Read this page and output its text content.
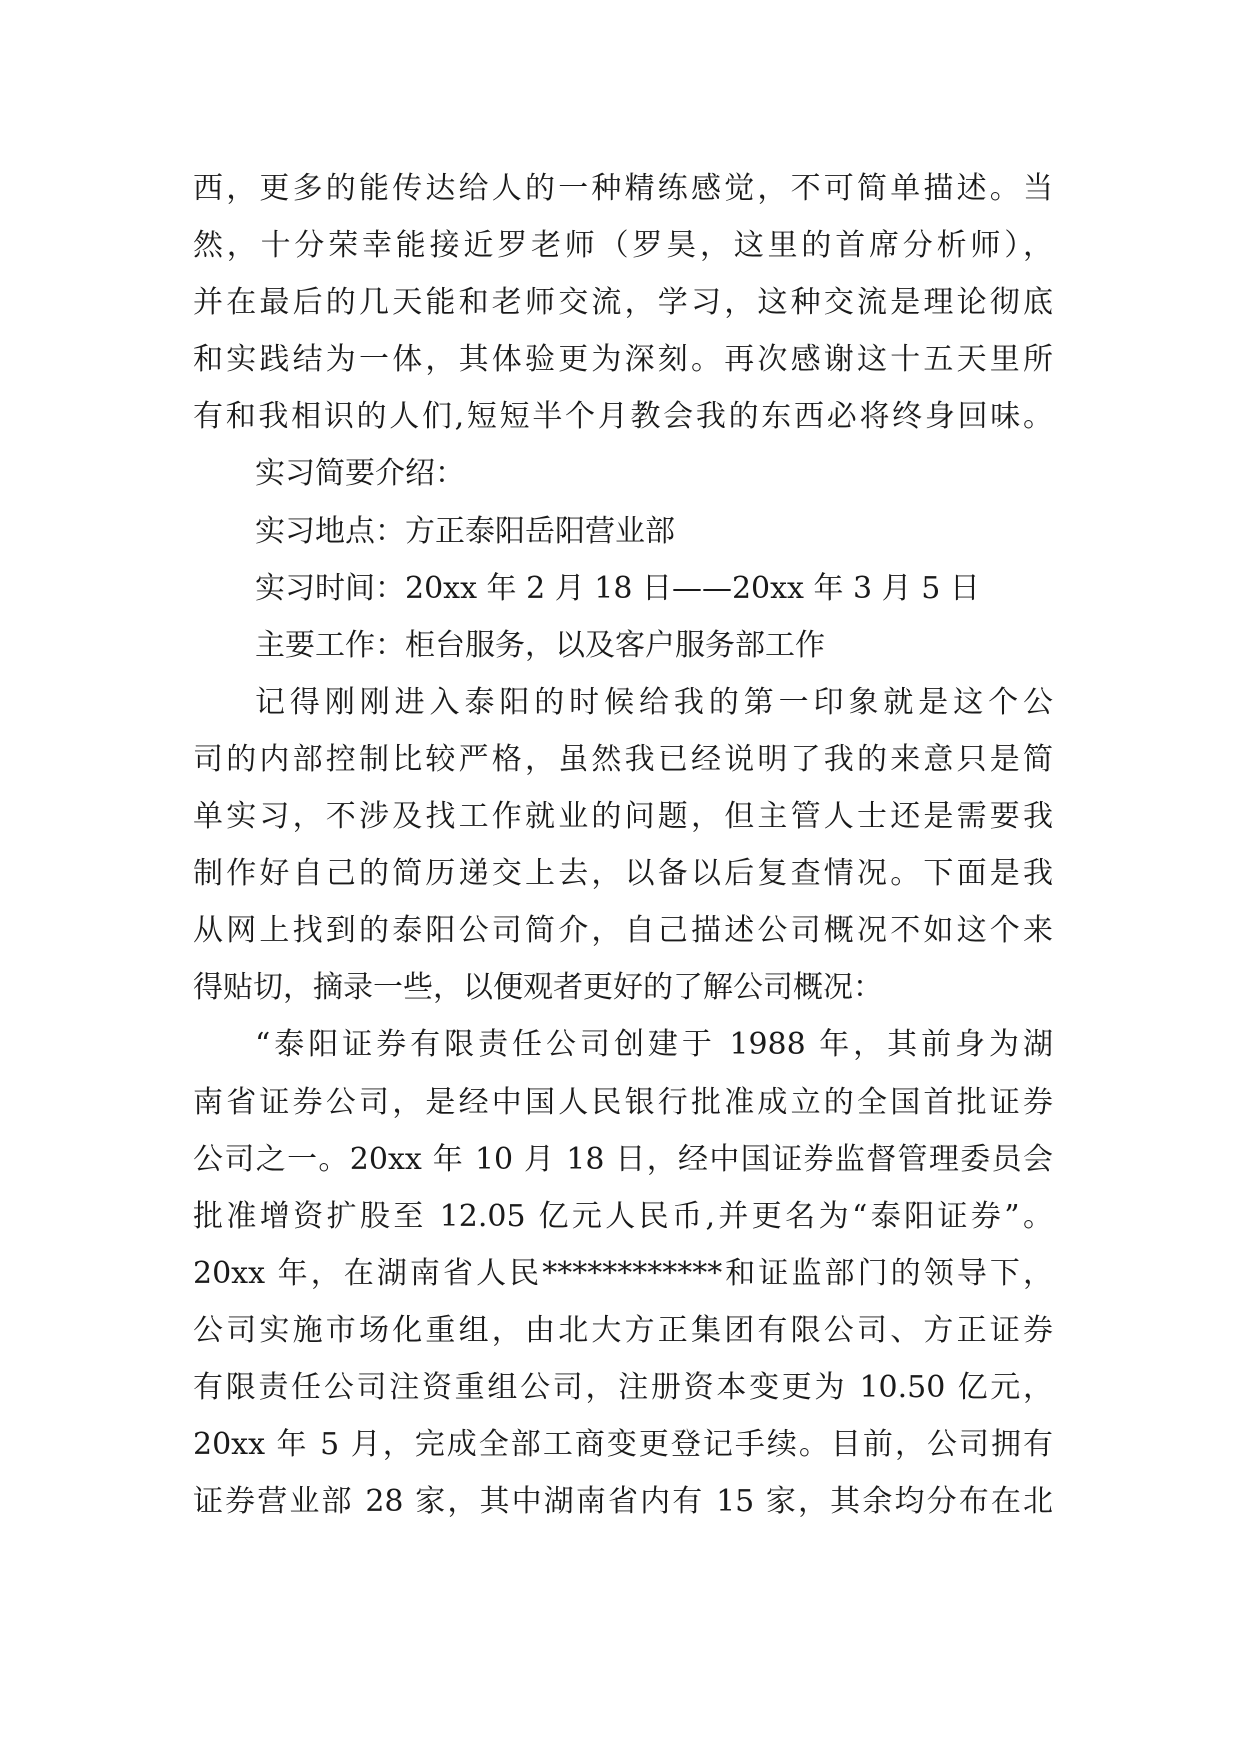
西，更多的能传达给人的一种精练感觉，不可简单描述。当
然，十分荣幸能接近罗老师（罗昊，这里的首席分析师），
并在最后的几天能和老师交流，学习，这种交流是理论彻底
和实践结为一体，其体验更为深刻。再次感谢这十五天里所
有和我相识的人们,短短半个月教会我的东西必将终身回味。
实习简要介绍：
实习地点：方正泰阳岳阳营业部
实习时间：20xx 年 2 月 18 日——20xx 年 3 月 5 日
主要工作：柜台服务，以及客户服务部工作
记得刚刚进入泰阳的时候给我的第一印象就是这个公
司的内部控制比较严格，虽然我已经说明了我的来意只是简
单实习，不涉及找工作就业的问题，但主管人士还是需要我
制作好自己的简历递交上去，以备以后复查情况。下面是我
从网上找到的泰阳公司简介，自己描述公司概况不如这个来
得贴切，摘录一些，以便观者更好的了解公司概况：
“泰阳证券有限责任公司创建于 1988 年，其前身为湖
南省证券公司，是经中国人民银行批准成立的全国首批证券
公司之一。20xx 年 10 月 18 日，经中国证券监督管理委员会
批准增资扩股至 12.05 亿元人民币,并更名为“泰阳证券”。
20xx 年，在湖南省人民************和证监部门的领导下，
公司实施市场化重组，由北大方正集团有限公司、方正证券
有限责任公司注资重组公司，注册资本变更为 10.50 亿元，
20xx 年 5 月，完成全部工商变更登记手续。目前，公司拥有
证券营业部 28 家，其中湖南省内有 15 家，其余均分布在北
